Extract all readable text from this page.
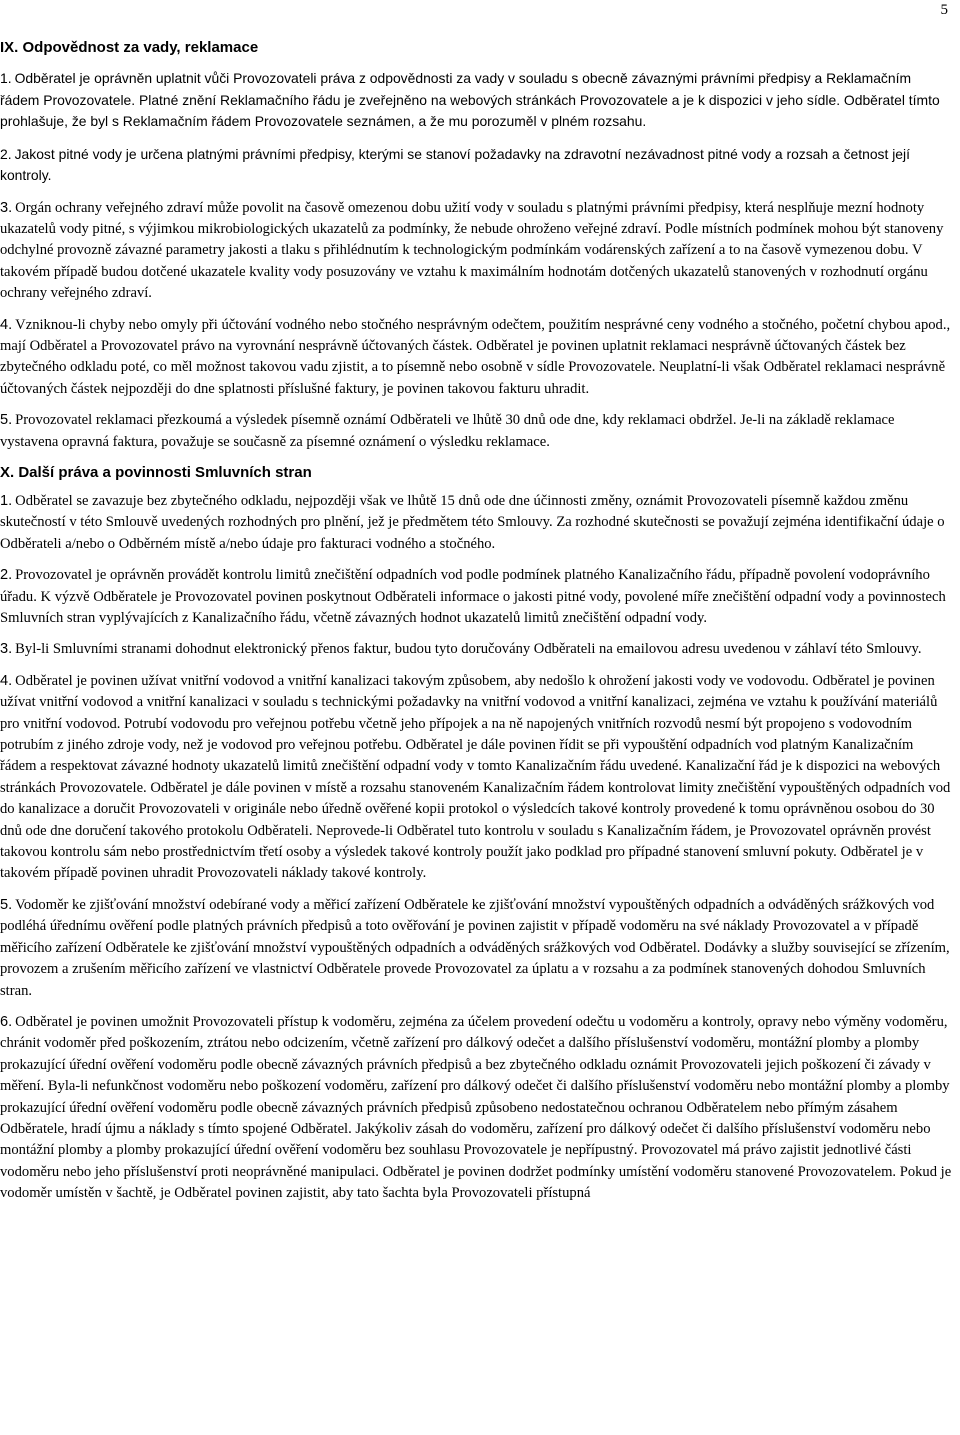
5
IX. Odpovědnost za vady, reklamace

1. Odběratel je oprávněn uplatnit vůči Provozovateli práva z odpovědnosti za vady v souladu s obecně závaznými právními předpisy a Reklamačním řádem Provozovatele. Platné znění Reklamačního řádu je zveřejněno na webových stránkách Provozovatele a je k dispozici v jeho sídle. Odběratel tímto prohlašuje, že byl s Reklamačním řádem Provozovatele seznámen, a že mu porozuměl v plném rozsahu.

2. Jakost pitné vody je určena platnými právními předpisy, kterými se stanoví požadavky na zdravotní nezávadnost pitné vody a rozsah a četnost její kontroly.

3. Orgán ochrany veřejného zdraví může povolit na časově omezenou dobu užití vody v souladu s platnými právními předpisy, která nesplňuje mezní hodnoty ukazatelů vody pitné, s výjimkou mikrobiologických ukazatelů za podmínky, že nebude ohroženo veřejné zdraví. Podle místních podmínek mohou být stanoveny odchylné provozně závazné parametry jakosti a tlaku s přihlédnutím k technologickým podmínkám vodárenských zařízení a to na časově vymezenou dobu. V takovém případě budou dotčené ukazatele kvality vody posuzovány ve vztahu k maximálním hodnotám dotčených ukazatelů stanovených v rozhodnutí orgánu ochrany veřejného zdraví.

4. Vzniknou-li chyby nebo omyly při účtování vodného nebo stočného nesprávným odečtem, použitím nesprávné ceny vodného a stočného, početní chybou apod., mají Odběratel a Provozovatel právo na vyrovnání nesprávně účtovaných částek. Odběratel je povinen uplatnit reklamaci nesprávně účtovaných částek bez zbytečného odkladu poté, co měl možnost takovou vadu zjistit, a to písemně nebo osobně v sídle Provozovatele. Neuplatní-li však Odběratel reklamaci nesprávně účtovaných částek nejpozději do dne splatnosti příslušné faktury, je povinen takovou fakturu uhradit.

5. Provozovatel reklamaci přezkoumá a výsledek písemně oznámí Odběrateli ve lhůtě 30 dnů ode dne, kdy reklamaci obdržel. Je-li na základě reklamace vystavena opravná faktura, považuje se současně za písemné oznámení o výsledku reklamace.

X. Další práva a povinnosti Smluvních stran

1. Odběratel se zavazuje bez zbytečného odkladu, nejpozději však ve lhůtě 15 dnů ode dne účinnosti změny, oznámit Provozovateli písemně každou změnu skutečností v této Smlouvě uvedených rozhodných pro plnění, jež je předmětem této Smlouvy. Za rozhodné skutečnosti se považují zejména identifikační údaje o Odběrateli a/nebo o Odběrném místě a/nebo údaje pro fakturaci vodného a stočného.

2. Provozovatel je oprávněn provádět kontrolu limitů znečištění odpadních vod podle podmínek platného Kanalizačního řádu, případně povolení vodoprávního úřadu. K výzvě Odběratele je Provozovatel povinen poskytnout Odběrateli informace o jakosti pitné vody, povolené míře znečištění odpadní vody a povinnostech Smluvních stran vyplývajících z Kanalizačního řádu, včetně závazných hodnot ukazatelů limitů znečištění odpadní vody.

3. Byl-li Smluvními stranami dohodnut elektronický přenos faktur, budou tyto doručovány Odběrateli na emailovou adresu uvedenou v záhlaví této Smlouvy.

4. Odběratel je povinen užívat vnitřní vodovod a vnitřní kanalizaci takovým způsobem, aby nedošlo k ohrožení jakosti vody ve vodovodu. Odběratel je povinen užívat vnitřní vodovod a vnitřní kanalizaci v souladu s technickými požadavky na vnitřní vodovod a vnitřní kanalizaci, zejména ve vztahu k používání materiálů pro vnitřní vodovod. Potrubí vodovodu pro veřejnou potřebu včetně jeho přípojek a na ně napojených vnitřních rozvodů nesmí být propojeno s vodovodním potrubím z jiného zdroje vody, než je vodovod pro veřejnou potřebu. Odběratel je dále povinen řídit se při vypouštění odpadních vod platným Kanalizačním řádem a respektovat závazné hodnoty ukazatelů limitů znečištění odpadní vody v tomto Kanalizačním řádu uvedené. Kanalizační řád je k dispozici na webových stránkách Provozovatele. Odběratel je dále povinen v místě a rozsahu stanoveném Kanalizačním řádem kontrolovat limity znečištění vypouštěných odpadních vod do kanalizace a doručit Provozovateli v originále nebo úředně ověřené kopii protokol o výsledcích takové kontroly provedené k tomu oprávněnou osobou do 30 dnů ode dne doručení takového protokolu Odběrateli. Neprovede-li Odběratel tuto kontrolu v souladu s Kanalizačním řádem, je Provozovatel oprávněn provést takovou kontrolu sám nebo prostřednictvím třetí osoby a výsledek takové kontroly použít jako podklad pro případné stanovení smluvní pokuty. Odběratel je v takovém případě povinen uhradit Provozovateli náklady takové kontroly.

5. Vodoměr ke zjišťování množství odebírané vody a měřicí zařízení Odběratele ke zjišťování množství vypouštěných odpadních a odváděných srážkových vod podléhá úřednímu ověření podle platných právních předpisů a toto ověřování je povinen zajistit v případě vodoměru na své náklady Provozovatel a v případě měřicího zařízení Odběratele ke zjišťování množství vypouštěných odpadních a odváděných srážkových vod Odběratel. Dodávky a služby související se zřízením, provozem a zrušením měřicího zařízení ve vlastnictví Odběratele provede Provozovatel za úplatu a v rozsahu a za podmínek stanovených dohodou Smluvních stran.

6. Odběratel je povinen umožnit Provozovateli přístup k vodoměru, zejména za účelem provedení odečtu u vodoměru a kontroly, opravy nebo výměny vodoměru, chránit vodoměr před poškozením, ztrátou nebo odcizením, včetně zařízení pro dálkový odečet a dalšího příslušenství vodoměru, montážní plomby a plomby prokazující úřední ověření vodoměru podle obecně závazných právních předpisů a bez zbytečného odkladu oznámit Provozovateli jejich poškození či závady v měření. Byla-li nefunkčnost vodoměru nebo poškození vodoměru, zařízení pro dálkový odečet či dalšího příslušenství vodoměru nebo montážní plomby a plomby prokazující úřední ověření vodoměru podle obecně závazných právních předpisů způsobeno nedostatečnou ochranou Odběratelem nebo přímým zásahem Odběratele, hradí újmu a náklady s tímto spojené Odběratel. Jakýkoliv zásah do vodoměru, zařízení pro dálkový odečet či dalšího příslušenství vodoměru nebo montážní plomby a plomby prokazující úřední ověření vodoměru bez souhlasu Provozovatele je nepřípustný. Provozovatel má právo zajistit jednotlivé části vodoměru nebo jeho příslušenství proti neoprávněné manipulaci. Odběratel je povinen dodržet podmínky umístění vodoměru stanovené Provozovatelem. Pokud je vodoměr umístěn v šachtě, je Odběratel povinen zajistit, aby tato šachta byla Provozovateli přístupná
